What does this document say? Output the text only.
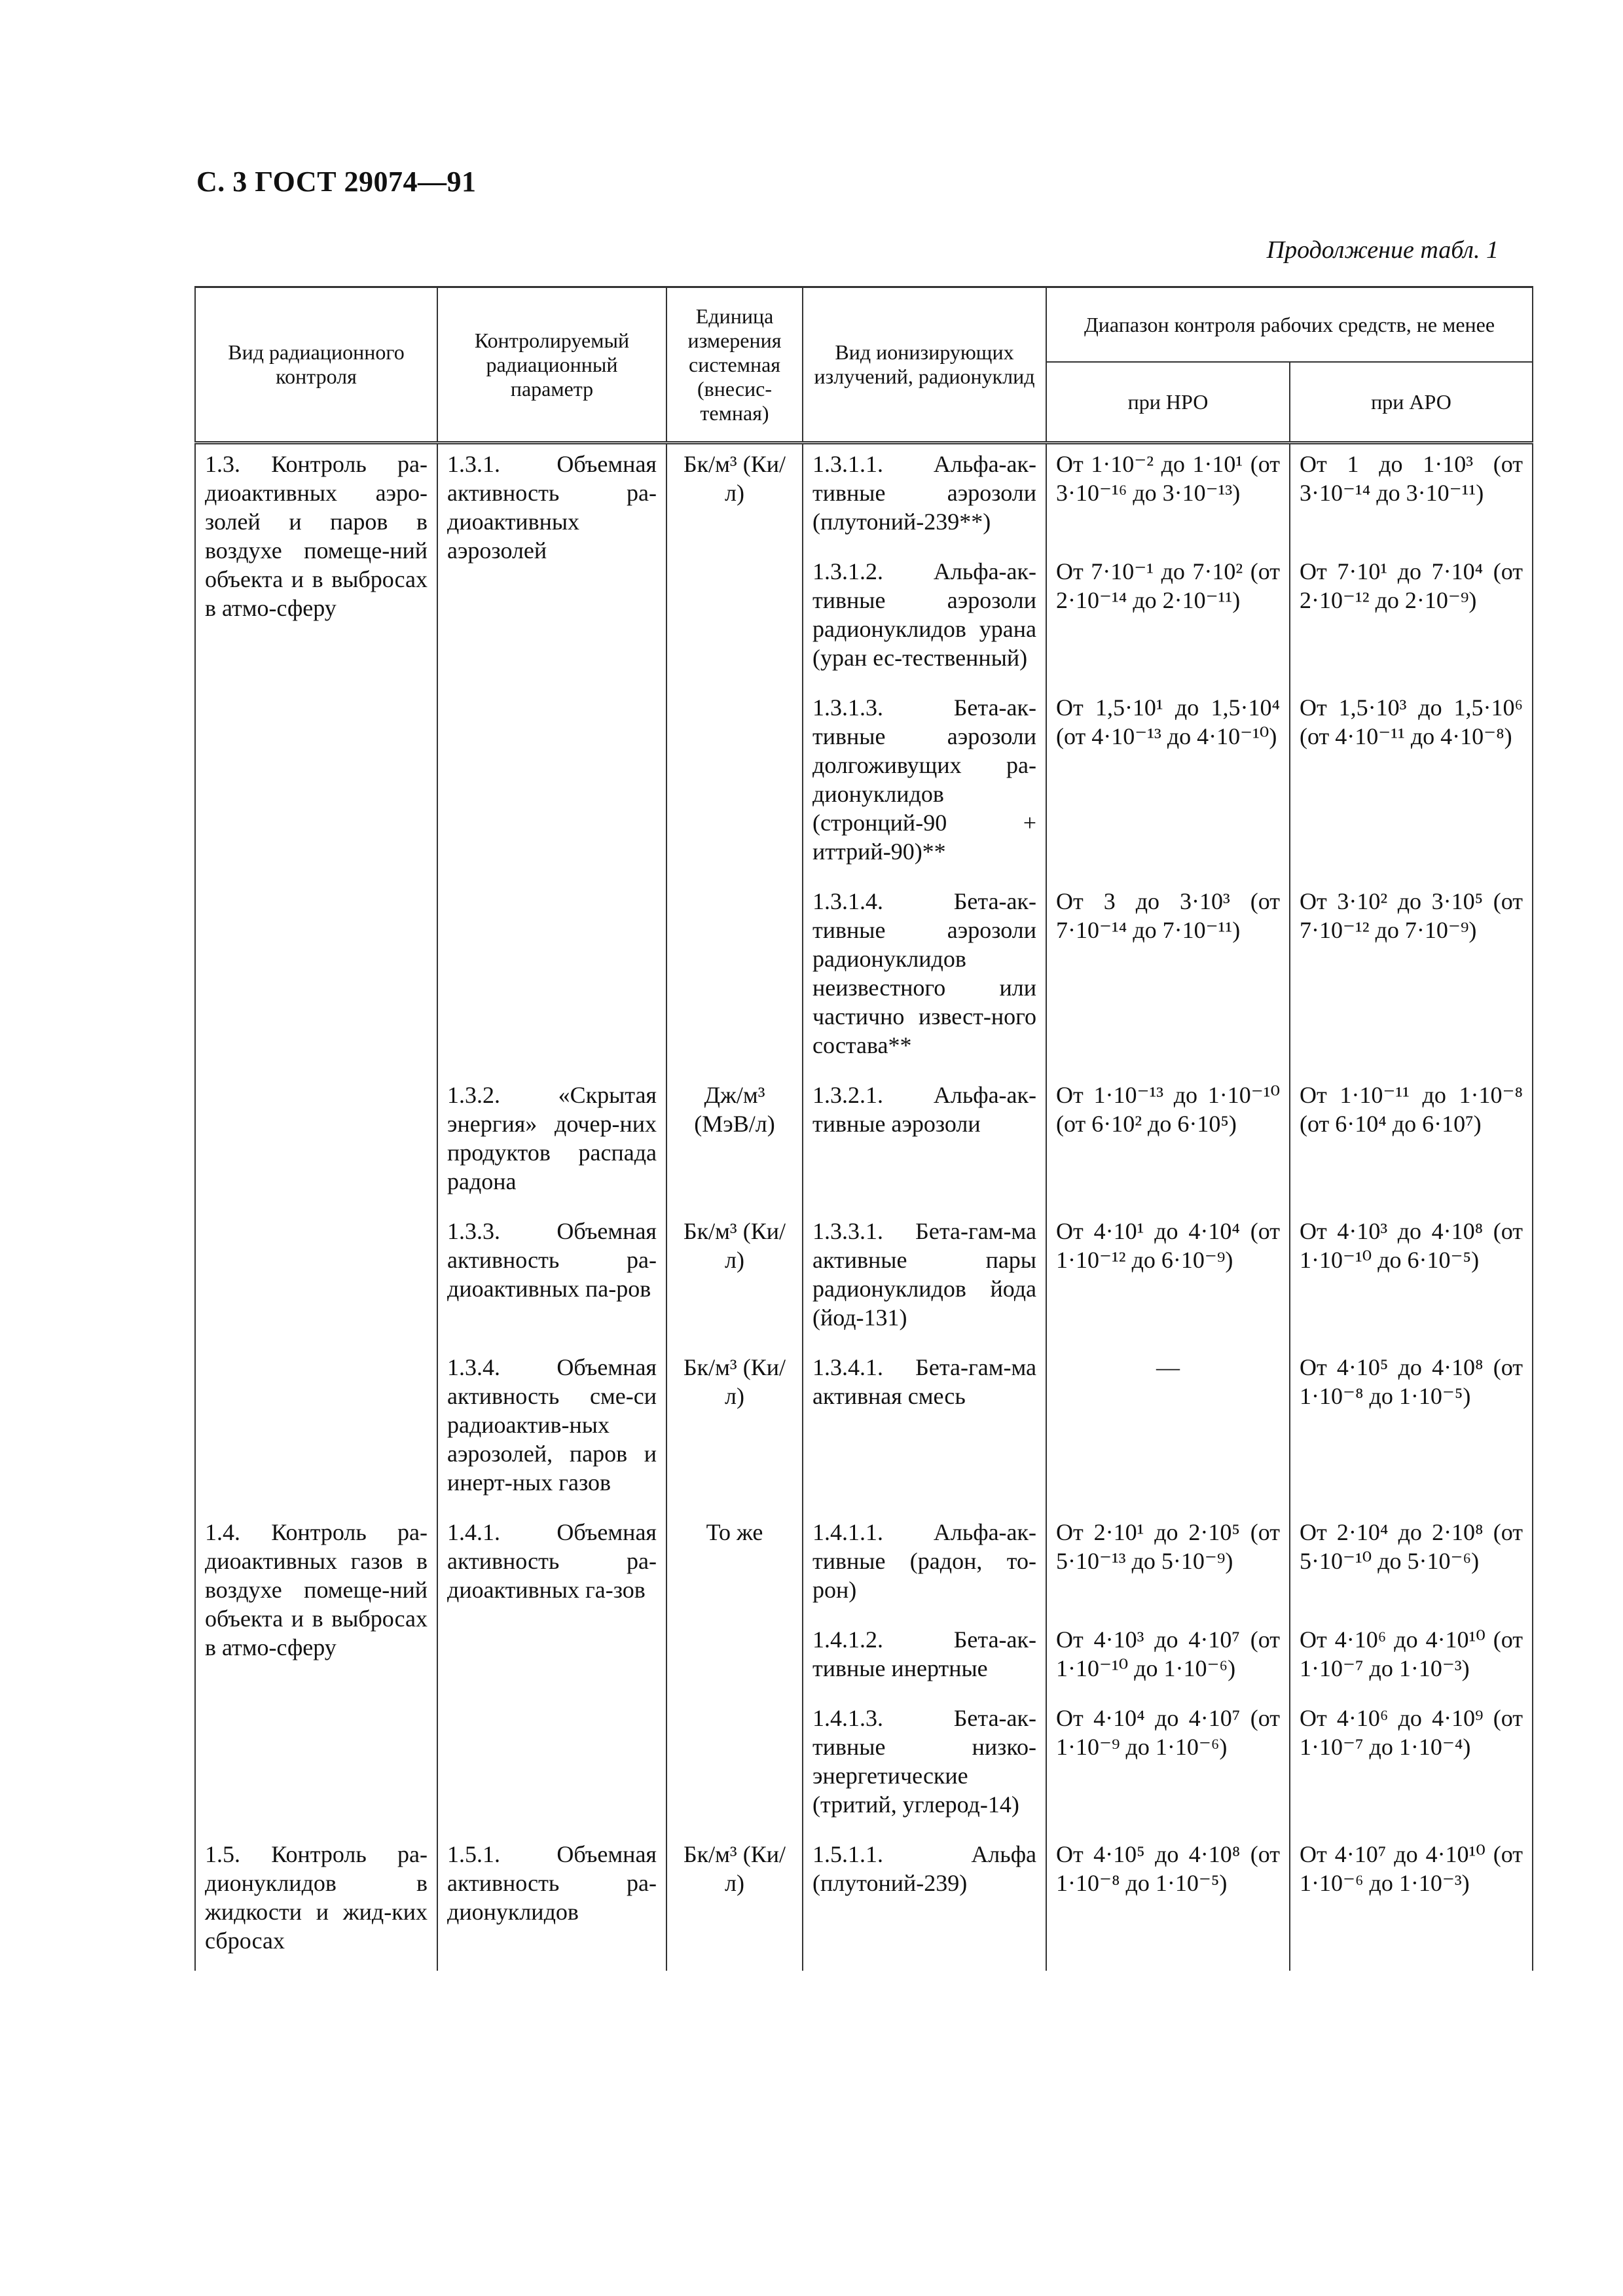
С. 3 ГОСТ 29074—91
Продолжение табл. 1
Вид радиационного контроля	Контролируемый радиационный параметр	Единица измерения системная (внесис-темная)	Вид ионизирующих излучений, радионуклид	Диапазон контроля рабочих средств, не менее	
				при НРО	при АРО
1.3. Контроль ра-диоактивных аэро-золей и паров в воздухе помеще-ний объекта и в выбросах в атмо-сферу	1.3.1. Объемная активность ра-диоактивных аэрозолей	Бк/м³ (Ки/л)	1.3.1.1. Альфа-ак-тивные аэрозоли (плутоний-239**)	От 1·10⁻² до 1·10¹ (от 3·10⁻¹⁶ до 3·10⁻¹³)	От 1 до 1·10³ (от 3·10⁻¹⁴ до 3·10⁻¹¹)
			1.3.1.2. Альфа-ак-тивные аэрозоли радионуклидов урана (уран ес-тественный)	От 7·10⁻¹ до 7·10² (от 2·10⁻¹⁴ до 2·10⁻¹¹)	От 7·10¹ до 7·10⁴ (от 2·10⁻¹² до 2·10⁻⁹)
			1.3.1.3. Бета-ак-тивные аэрозоли долгоживущих ра-дионуклидов (стронций-90 + иттрий-90)**	От 1,5·10¹ до 1,5·10⁴ (от 4·10⁻¹³ до 4·10⁻¹⁰)	От 1,5·10³ до 1,5·10⁶ (от 4·10⁻¹¹ до 4·10⁻⁸)
			1.3.1.4. Бета-ак-тивные аэрозоли радионуклидов неизвестного или частично извест-ного состава**	От 3 до 3·10³ (от 7·10⁻¹⁴ до 7·10⁻¹¹)	От 3·10² до 3·10⁵ (от 7·10⁻¹² до 7·10⁻⁹)
	1.3.2. «Скрытая энергия» дочер-них продуктов распада радона	Дж/м³ (МэВ/л)	1.3.2.1. Альфа-ак-тивные аэрозоли	От 1·10⁻¹³ до 1·10⁻¹⁰ (от 6·10² до 6·10⁵)	От 1·10⁻¹¹ до 1·10⁻⁸ (от 6·10⁴ до 6·10⁷)
	1.3.3. Объемная активность ра-диоактивных па-ров	Бк/м³ (Ки/л)	1.3.3.1. Бета-гам-ма активные пары радионуклидов йода (йод-131)	От 4·10¹ до 4·10⁴ (от 1·10⁻¹² до 6·10⁻⁹)	От 4·10³ до 4·10⁸ (от 1·10⁻¹⁰ до 6·10⁻⁵)
	1.3.4. Объемная активность сме-си радиоактив-ных аэрозолей, паров и инерт-ных газов	Бк/м³ (Ки/л)	1.3.4.1. Бета-гам-ма активная смесь	—	От 4·10⁵ до 4·10⁸ (от 1·10⁻⁸ до 1·10⁻⁵)
1.4. Контроль ра-диоактивных газов в воздухе помеще-ний объекта и в выбросах в атмо-сферу	1.4.1. Объемная активность ра-диоактивных га-зов	То же	1.4.1.1. Альфа-ак-тивные (радон, то-рон)	От 2·10¹ до 2·10⁵ (от 5·10⁻¹³ до 5·10⁻⁹)	От 2·10⁴ до 2·10⁸ (от 5·10⁻¹⁰ до 5·10⁻⁶)
			1.4.1.2. Бета-ак-тивные инертные	От 4·10³ до 4·10⁷ (от 1·10⁻¹⁰ до 1·10⁻⁶)	От 4·10⁶ до 4·10¹⁰ (от 1·10⁻⁷ до 1·10⁻³)
			1.4.1.3. Бета-ак-тивные низко-энергетические (тритий, углерод-14)	От 4·10⁴ до 4·10⁷ (от 1·10⁻⁹ до 1·10⁻⁶)	От 4·10⁶ до 4·10⁹ (от 1·10⁻⁷ до 1·10⁻⁴)
1.5. Контроль ра-дионуклидов в жидкости и жид-ких сбросах	1.5.1. Объемная активность ра-дионуклидов	Бк/м³ (Ки/л)	1.5.1.1. Альфа (плутоний-239)	От 4·10⁵ до 4·10⁸ (от 1·10⁻⁸ до 1·10⁻⁵)	От 4·10⁷ до 4·10¹⁰ (от 1·10⁻⁶ до 1·10⁻³)
